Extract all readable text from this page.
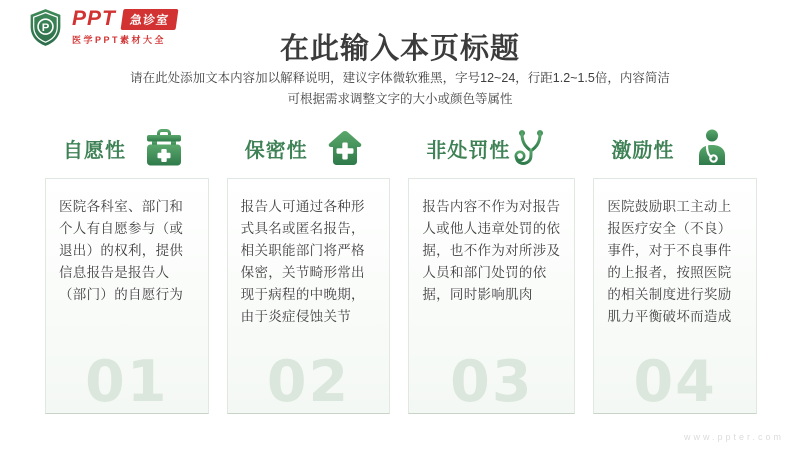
P PPT	急诊室
医学PPT素材大全	在此输入本页标题
请在此处添加文本内容加以解释说明，建议字体微软雅黑，字号12~24，行距1.2~1.5倍，内容简洁
可根据需求调整文字的大小或颜色等属性
自愿性
医院各科室、部门和个人有自愿参与（或退出）的权利，提供信息报告是报告人（部门）的自愿行为
01
保密性
报告人可通过各种形式具名或匿名报告，相关职能部门将严格保密，关节畸形常出现于病程的中晚期，由于炎症侵蚀关节
02
非处罚性
报告内容不作为对报告人或他人违章处罚的依据，也不作为对所涉及人员和部门处罚的依据，同时影响肌肉
03
激励性
医院鼓励职工主动上报医疗安全（不良）事件，对于不良事件的上报者，按照医院的相关制度进行奖励肌力平衡破坏而造成
04
www.ppter.com
